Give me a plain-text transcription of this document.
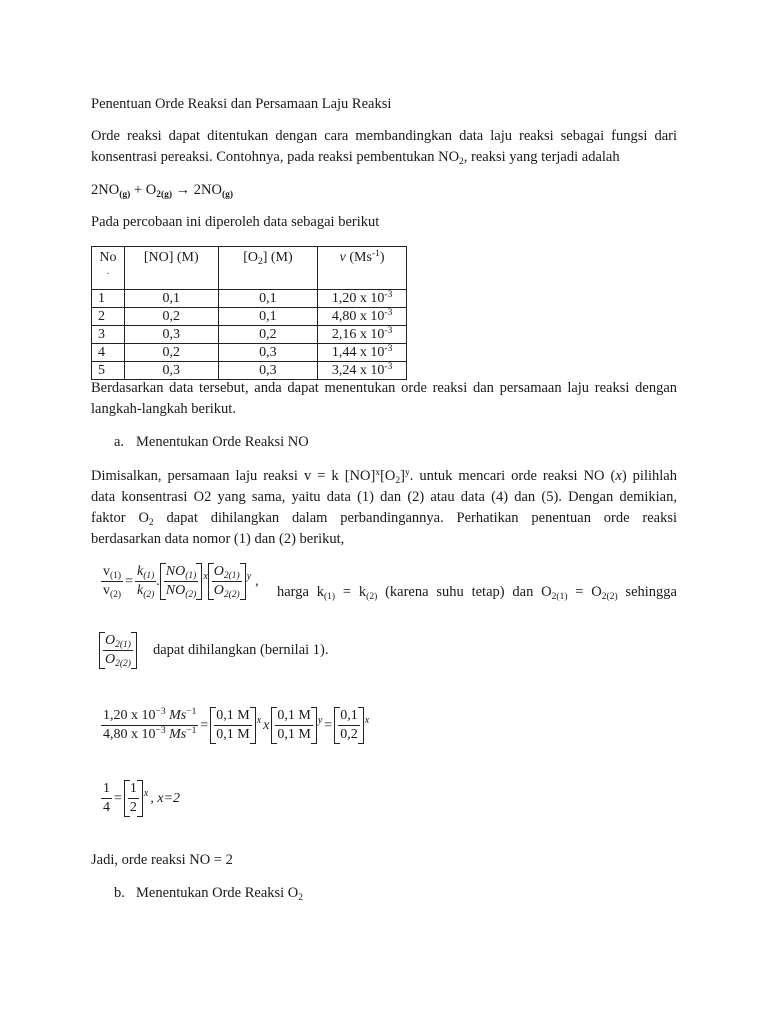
Penentuan Orde Reaksi dan Persamaan Laju Reaksi

Orde reaksi dapat ditentukan dengan cara membandingkan data laju reaksi sebagai fungsi dari

konsentrasi pereaksi. Contohnya, pada reaksi pembentukan $NO_2$, reaksi yang terjadi adalah

$2NO_{(g)} + O_{2(g)} \to 2NO_{(g)}$

Pada percobaan ini diperoleh data sebagai berikut

No
.	[NO] (M)	$[O_2]$ (M)	v $(Ms^{-1})$
1	0,1	0,1	1,20 x $10^{-3}$
2	0,2	0,1	4,80 x $10^{-3}$
3	0,3	0,2	2,16 x $10^{-3}$
4	0,2	0,3	1,44 x $10^{-3}$
5	0,3	0,3	3,24 x $10^{-3}$

Berdasarkan data tersebut, anda dapat menentukan orde reaksi dan persamaan laju reaksi dengan

langkah-langkah berikut.

a. Menentukan Orde Reaksi NO

Dimisalkan, persamaan laju reaksi v = k $[NO]^x[O_2]^y$. untuk mencari orde reaksi NO (x) pilihlah

data konsentrasi O2 yang sama, yaitu data (1) dan (2) atau data (4) dan (5). Dengan demikian,

faktor $O_2$ dapat dihilangkan dalam perbandingannya. Perhatikan penentuan orde reaksi

berdasarkan data nomor (1) dan (2) berikut,

$\frac{v_{(1)}}{v_{(2)}} = \frac{k_{(1)}}{k_{(2)}}$ . $\frac{NO_{(1)}}{NO_{(2)}}$ x $\frac{O_{2(1)}}{O_{2(2)}}$ y ,

harga $k_{(1)} = k_{(2)}$ (karena suhu tetap) dan $O_{2(1)} = O_{2(2)}$ sehingga

$\frac{O_{2(1)}}{O_{2(2)}}$ dapat dihilangkan (bernilai 1).
$\frac{1,20 x 10^{-3} Ms^{-1}}{4,80 x 10^{-3} Ms^{-1}} = \frac{0,1 M}{0,1 M}$ x x $\frac{0,1 M}{0,1 M}$ $y = \frac{0,1}{0,2}$ x
$\frac{1}{4} = \frac{1}{2}$ x , x=2

Jadi, orde reaksi NO = 2

b. Menentukan Orde Reaksi $O_2$
